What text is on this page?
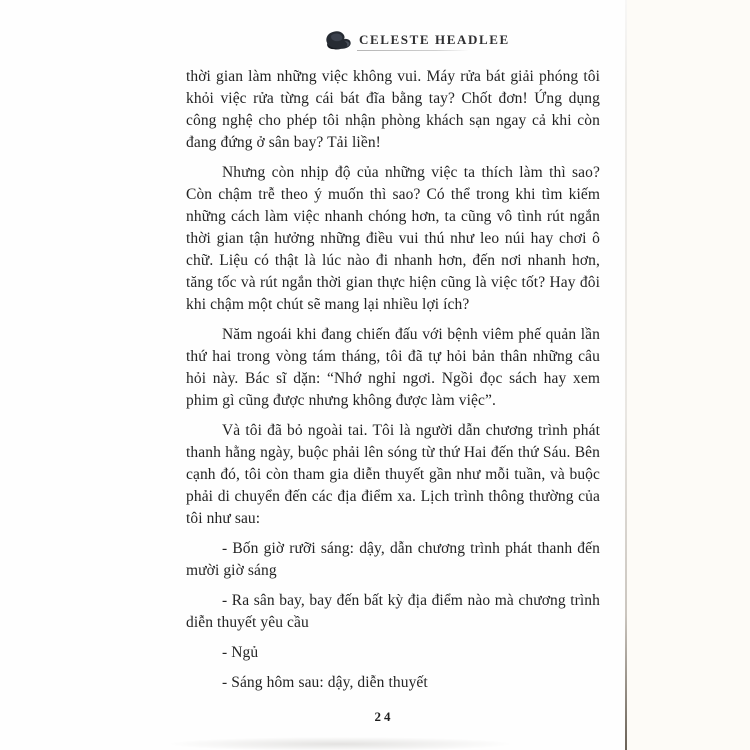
CELESTE HEADLEE

thời gian làm những việc không vui. Máy rửa bát giải phóng tôi khỏi việc rửa từng cái bát đĩa bằng tay? Chốt đơn! Ứng dụng công nghệ cho phép tôi nhận phòng khách sạn ngay cả khi còn đang đứng ở sân bay? Tải liền!

Nhưng còn nhịp độ của những việc ta thích làm thì sao? Còn chậm trễ theo ý muốn thì sao? Có thể trong khi tìm kiếm những cách làm việc nhanh chóng hơn, ta cũng vô tình rút ngắn thời gian tận hưởng những điều vui thú như leo núi hay chơi ô chữ. Liệu có thật là lúc nào đi nhanh hơn, đến nơi nhanh hơn, tăng tốc và rút ngắn thời gian thực hiện cũng là việc tốt? Hay đôi khi chậm một chút sẽ mang lại nhiều lợi ích?

Năm ngoái khi đang chiến đấu với bệnh viêm phế quản lần thứ hai trong vòng tám tháng, tôi đã tự hỏi bản thân những câu hỏi này. Bác sĩ dặn: “Nhớ nghỉ ngơi. Ngồi đọc sách hay xem phim gì cũng được nhưng không được làm việc”.

Và tôi đã bỏ ngoài tai. Tôi là người dẫn chương trình phát thanh hằng ngày, buộc phải lên sóng từ thứ Hai đến thứ Sáu. Bên cạnh đó, tôi còn tham gia diễn thuyết gần như mỗi tuần, và buộc phải di chuyển đến các địa điểm xa. Lịch trình thông thường của tôi như sau:

- Bốn giờ rưỡi sáng: dậy, dẫn chương trình phát thanh đến mười giờ sáng

- Ra sân bay, bay đến bất kỳ địa điểm nào mà chương trình diễn thuyết yêu cầu

- Ngủ

- Sáng hôm sau: dậy, diễn thuyết

24
